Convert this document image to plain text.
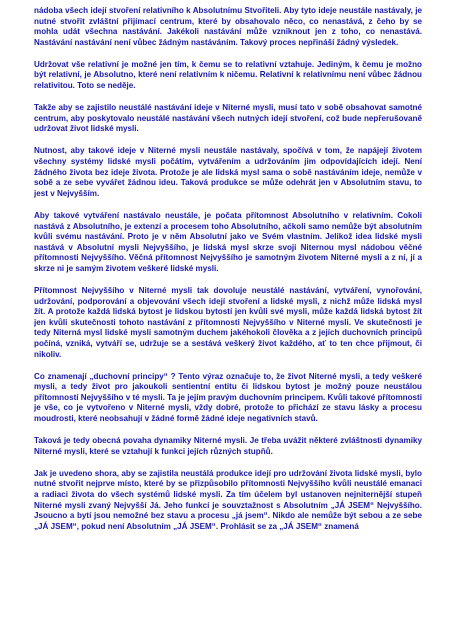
nádoba všech idejí stvoření relativního k Absolutnímu Stvořiteli. Aby tyto ideje neustále nastávaly, je nutné stvořit zvláštní přijímací centrum, které by obsahovalo něco, co nenastává, z čeho by se mohla udát všechna nastávání. Jakékoli nastávání může vzniknout jen z toho, co nenastává. Nastávání nastávání není vůbec žádným nastáváním. Takový proces nepřináší žádný výsledek.

Udržovat vše relativní je možné jen tím, k čemu se to relativní vztahuje. Jediným, k čemu je možno být relativní, je Absolutno, které není relativním k ničemu. Relativní k relativnímu není vůbec žádnou relativitou. Toto se neděje.

Takže aby se zajistilo neustálé nastávání ideje v Niterné mysli, musí tato v sobě obsahovat samotné centrum, aby poskytovalo neustálé nastávání všech nutných idejí stvoření, což bude nepřerušovaně udržovat život lidské mysli.

Nutnost, aby takové ideje v Niterné mysli neustále nastávaly, spočívá v tom, že napájejí životem všechny systémy lidské mysli počátím, vytvářením a udržováním jim odpovídajících idejí. Není žádného života bez ideje života. Protože je ale lidská mysl sama o sobě nastáváním ideje, nemůže v sobě a ze sebe vyvářet žádnou ideu. Taková produkce se může odehrát jen v Absolutním stavu, to jest v Nejvyšším.

Aby takové vytváření nastávalo neustále, je počata přítomnost Absolutního v relativním. Cokoli nastává z Absolutního, je extenzí a procesem toho Absolutního, ačkoli samo nemůže být absolutním kvůli svému nastávání. Proto je v něm Absolutní jako ve Svém vlastním. Jelikož idea lidské mysli nastává v Absolutní mysli Nejvyššího, je lidská mysl skrze svoji Niternou mysl nádobou věčné přítomnosti Nejvyššího. Věčná přítomnost Nejvyššího je samotným životem Niterné mysli a z ní, jí a skrze ni je samým životem veškeré lidské mysli.

Přítomnost Nejvyššího v Niterné mysli tak dovoluje neustálé nastávání, vytváření, vynořování, udržování, podporování a objevování všech idejí stvoření a lidské mysli, z nichž může lidská mysl žít. A protože každá lidská bytost je lidskou bytostí jen kvůli své mysli, může každá lidská bytost žít jen kvůli skutečnosti tohoto nastávání z přítomnosti Nejvyššího v Niterné mysli. Ve skutečnosti je tedy Niterná mysl lidské mysli samotným duchem jakéhokoli člověka a z jejích duchovních principů počíná, vzniká, vytváří se, udržuje se a sestává veškerý život každého, ať to ten chce přijmout, či nikoliv.

Co znamenají „duchovní principy“ ? Tento výraz označuje to, že život Niterné mysli, a tedy veškeré mysli, a tedy život pro jakoukoli sentientní entitu či lidskou bytost je možný pouze neustálou přítomností Nejvyššího v té mysli. Ta je jejím pravým duchovním principem. Kvůli takové přítomnosti je vše, co je vytvořeno v Niterné mysli, vždy dobré, protože to přichází ze stavu lásky a procesu moudrosti, které neobsahují v žádné formě žádné ideje negativních stavů.

Taková je tedy obecná povaha dynamiky Niterné mysli. Je třeba uvážit některé zvláštnosti dynamiky Niterné mysli, které se vztahují k funkci jejích různých stupňů.

Jak je uvedeno shora, aby se zajistila neustálá produkce idejí pro udržování života lidské mysli, bylo nutné stvořit nejprve místo, které by se přizpůsobilo přítomnosti Nejvyššího kvůli neustálé emanaci a radiaci života do všech systémů lidské mysli. Za tím účelem byl ustanoven nejniternější stupeň Niterné mysli zvaný Nejvyšší Já. Jeho funkcí je souvztažnost s Absolutním „JÁ JSEM“ Nejvyššího. Jsoucno a bytí jsou nemožné bez stavu a procesu „já jsem“. Nikdo ale nemůže být sebou a ze sebe „JÁ JSEM“, pokud není Absolutním „JÁ JSEM“. Prohlásit se za „JÁ JSEM“ znamená
